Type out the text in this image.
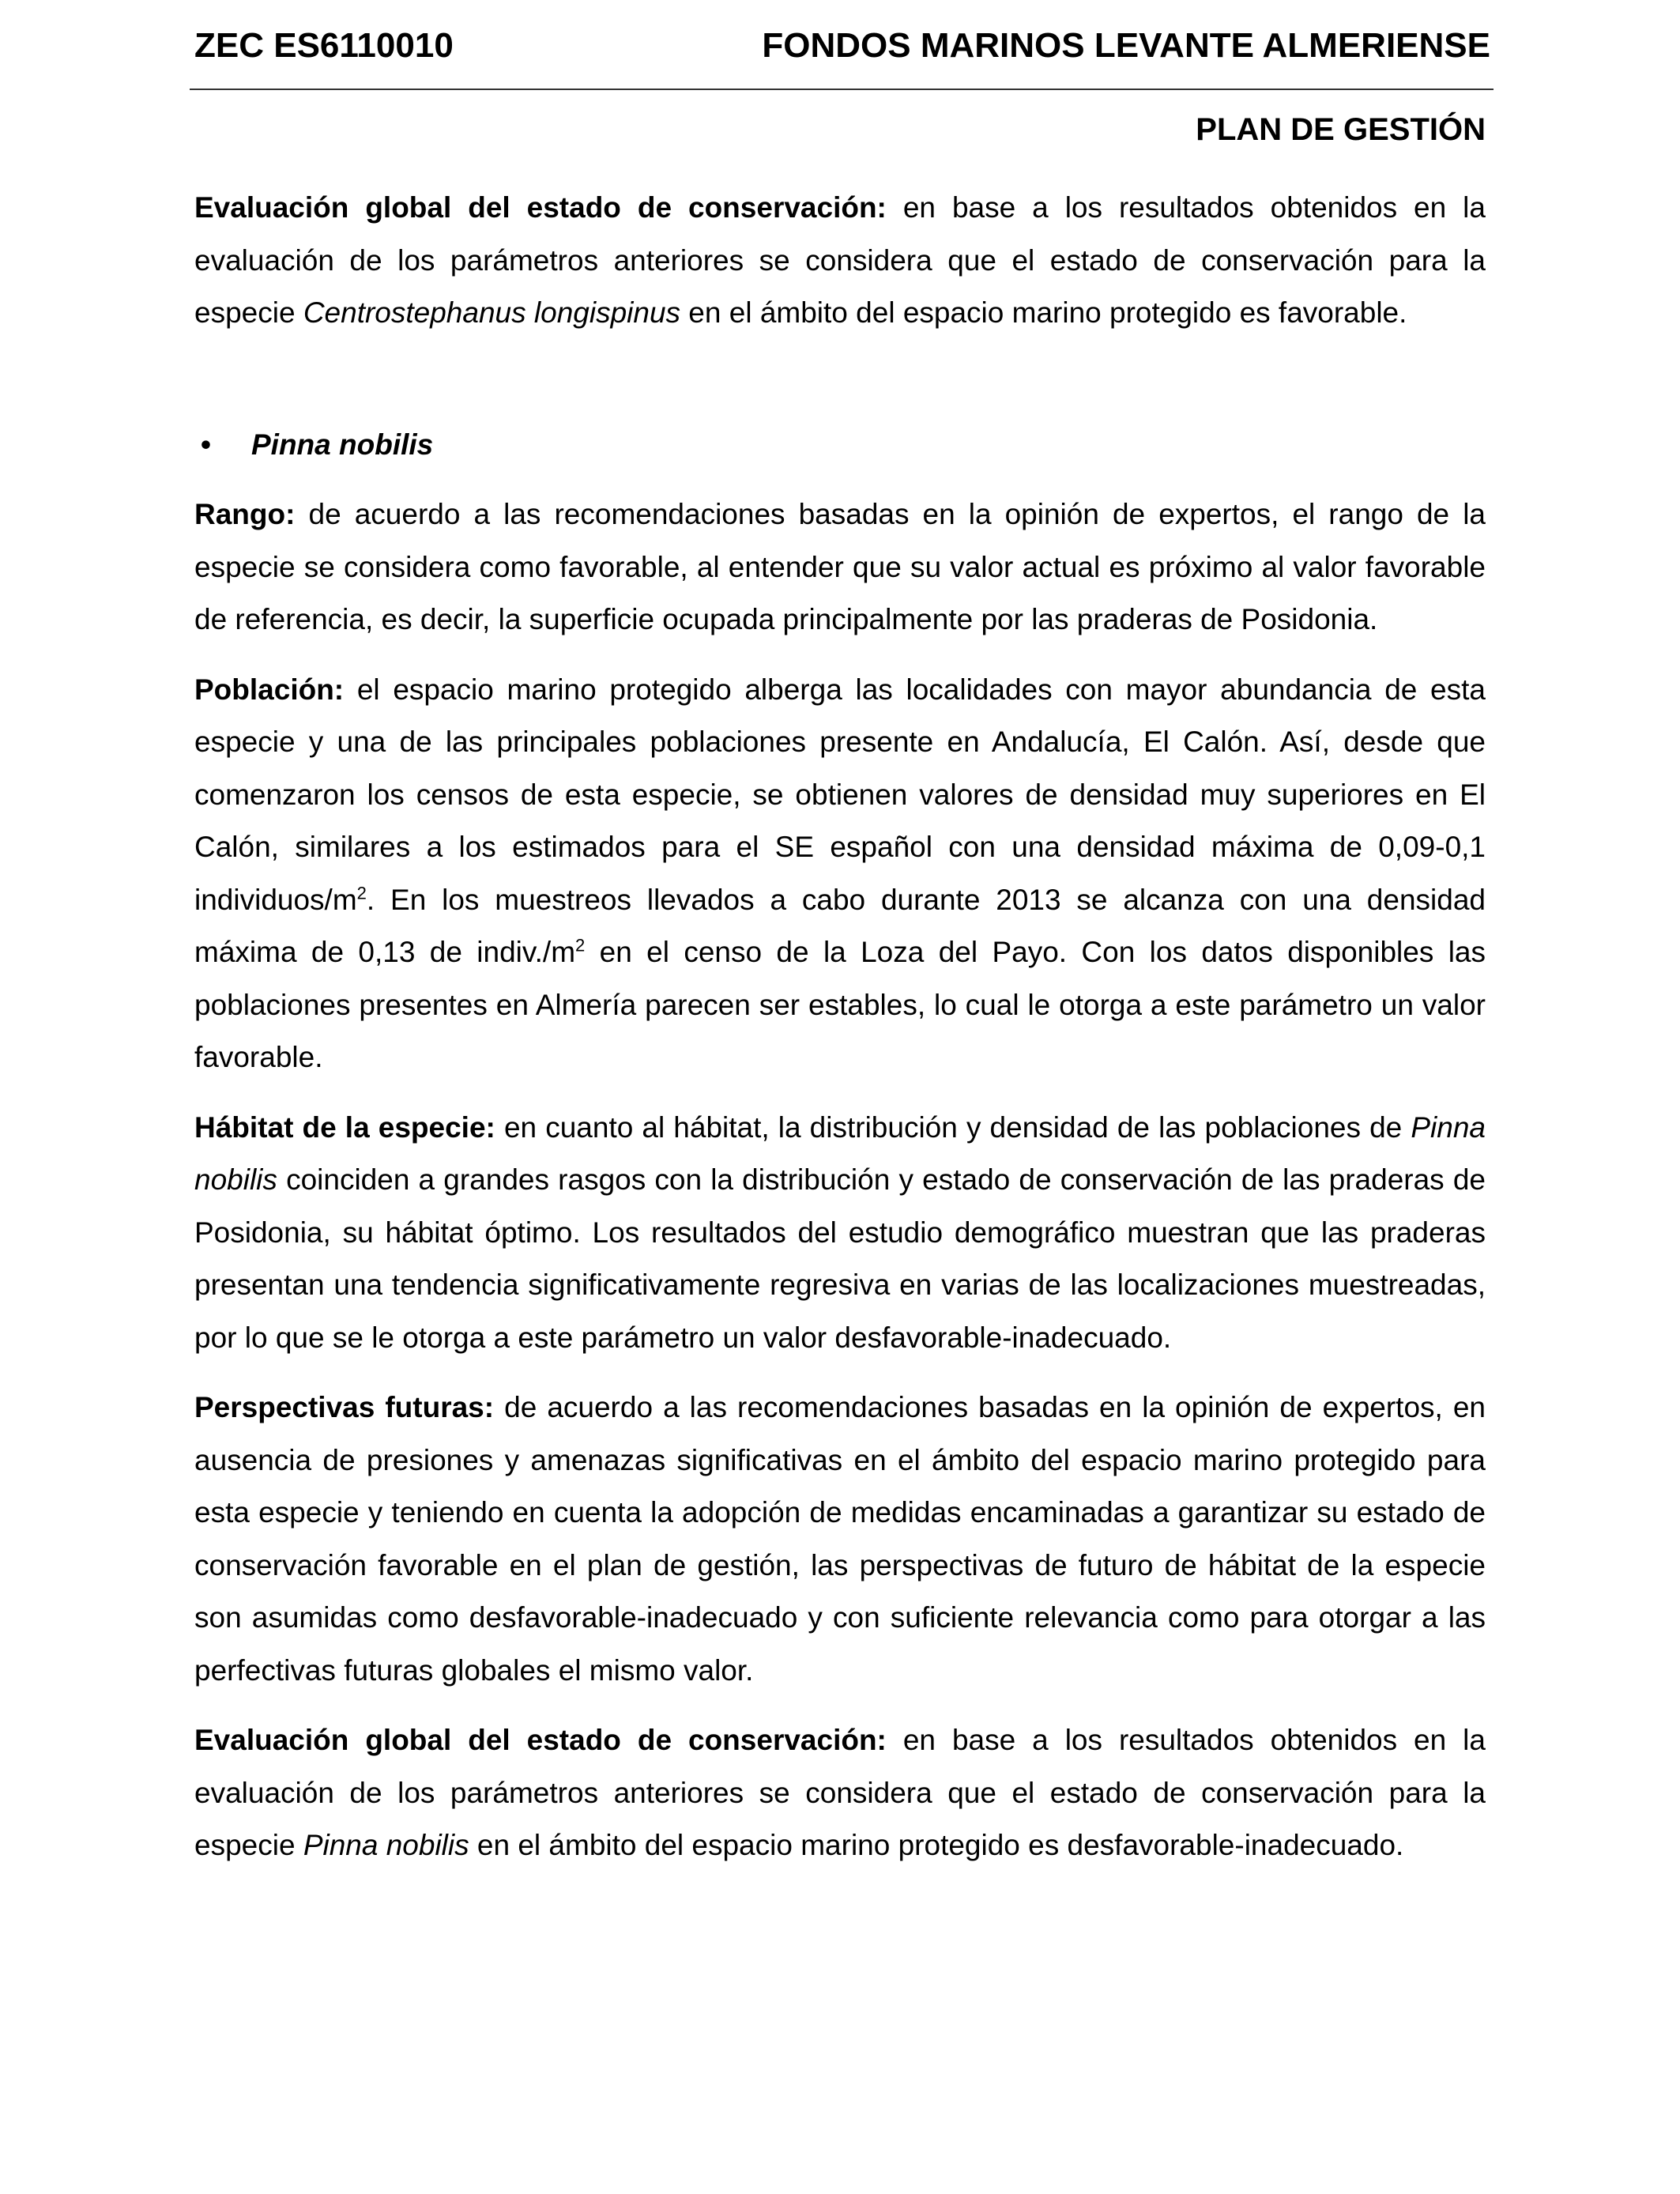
ZEC ES6110010	FONDOS MARINOS LEVANTE ALMERIENSE
PLAN DE GESTIÓN

Evaluación global del estado de conservación: en base a los resultados obtenidos en la evaluación de los parámetros anteriores se considera que el estado de conservación para la especie Centrostephanus longispinus en el ámbito del espacio marino protegido es favorable.

• Pinna nobilis

Rango: de acuerdo a las recomendaciones basadas en la opinión de expertos, el rango de la especie se considera como favorable, al entender que su valor actual es próximo al valor favorable de referencia, es decir, la superficie ocupada principalmente por las praderas de Posidonia.

Población: el espacio marino protegido alberga las localidades con mayor abundancia de esta especie y una de las principales poblaciones presente en Andalucía, El Calón. Así, desde que comenzaron los censos de esta especie, se obtienen valores de densidad muy superiores en El Calón, similares a los estimados para el SE español con una densidad máxima de 0,09-0,1 individuos/$m^2$. En los muestreos llevados a cabo durante 2013 se alcanza con una densidad máxima de 0,13 de $indiv./m^2$ en el censo de la Loza del Payo. Con los datos disponibles las poblaciones presentes en Almería parecen ser estables, lo cual le otorga a este parámetro un valor favorable.

Hábitat de la especie: en cuanto al hábitat, la distribución y densidad de las poblaciones de Pinna nobilis coinciden a grandes rasgos con la distribución y estado de conservación de las praderas de Posidonia, su hábitat óptimo. Los resultados del estudio demográfico muestran que las praderas presentan una tendencia significativamente regresiva en varias de las localizaciones muestreadas, por lo que se le otorga a este parámetro un valor desfavorable-inadecuado.

Perspectivas futuras: de acuerdo a las recomendaciones basadas en la opinión de expertos, en ausencia de presiones y amenazas significativas en el ámbito del espacio marino protegido para esta especie y teniendo en cuenta la adopción de medidas encaminadas a garantizar su estado de conservación favorable en el plan de gestión, las perspectivas de futuro de hábitat de la especie son asumidas como desfavorable-inadecuado y con suficiente relevancia como para otorgar a las perfectivas futuras globales el mismo valor.

Evaluación global del estado de conservación: en base a los resultados obtenidos en la evaluación de los parámetros anteriores se considera que el estado de conservación para la especie Pinna nobilis en el ámbito del espacio marino protegido es desfavorable-inadecuado.
